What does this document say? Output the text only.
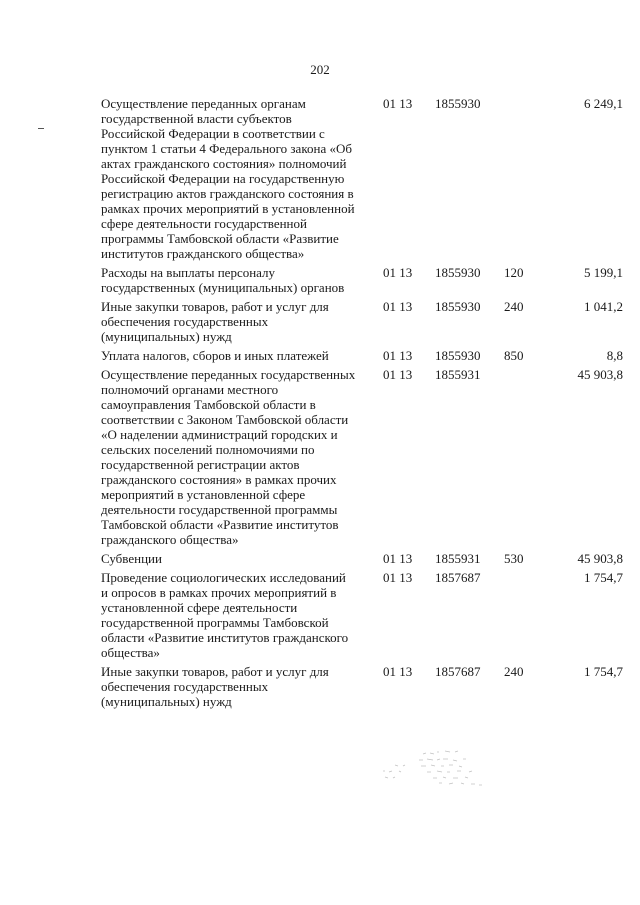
202
Осуществление переданных органам государственной власти субъектов Российской Федерации в соответствии с пунктом 1 статьи 4 Федерального закона «Об актах гражданского состояния» полномочий Российской Федерации на государственную регистрацию актов гражданского состояния в рамках прочих мероприятий в установленной сфере деятельности государственной программы Тамбовской области «Развитие институтов гражданского общества»	01 13	1855930		6 249,1
Расходы на выплаты персоналу государственных (муниципальных) органов	01 13	1855930	120	5 199,1
Иные закупки товаров, работ и услуг для обеспечения государственных (муниципальных) нужд	01 13	1855930	240	1 041,2
Уплата налогов, сборов и иных платежей	01 13	1855930	850	8,8
Осуществление переданных государственных полномочий органами местного самоуправления Тамбовской области в соответствии с Законом Тамбовской области «О наделении администраций городских и сельских поселений полномочиями по государственной регистрации актов гражданского состояния» в рамках прочих мероприятий в установленной сфере деятельности государственной программы Тамбовской области «Развитие институтов гражданского общества»	01 13	1855931		45 903,8
Субвенции	01 13	1855931	530	45 903,8
Проведение социологических исследований и опросов в рамках прочих мероприятий в установленной сфере деятельности государственной программы Тамбовской области «Развитие институтов гражданского общества»	01 13	1857687		1 754,7
Иные закупки товаров, работ и услуг для обеспечения государственных (муниципальных) нужд	01 13	1857687	240	1 754,7
